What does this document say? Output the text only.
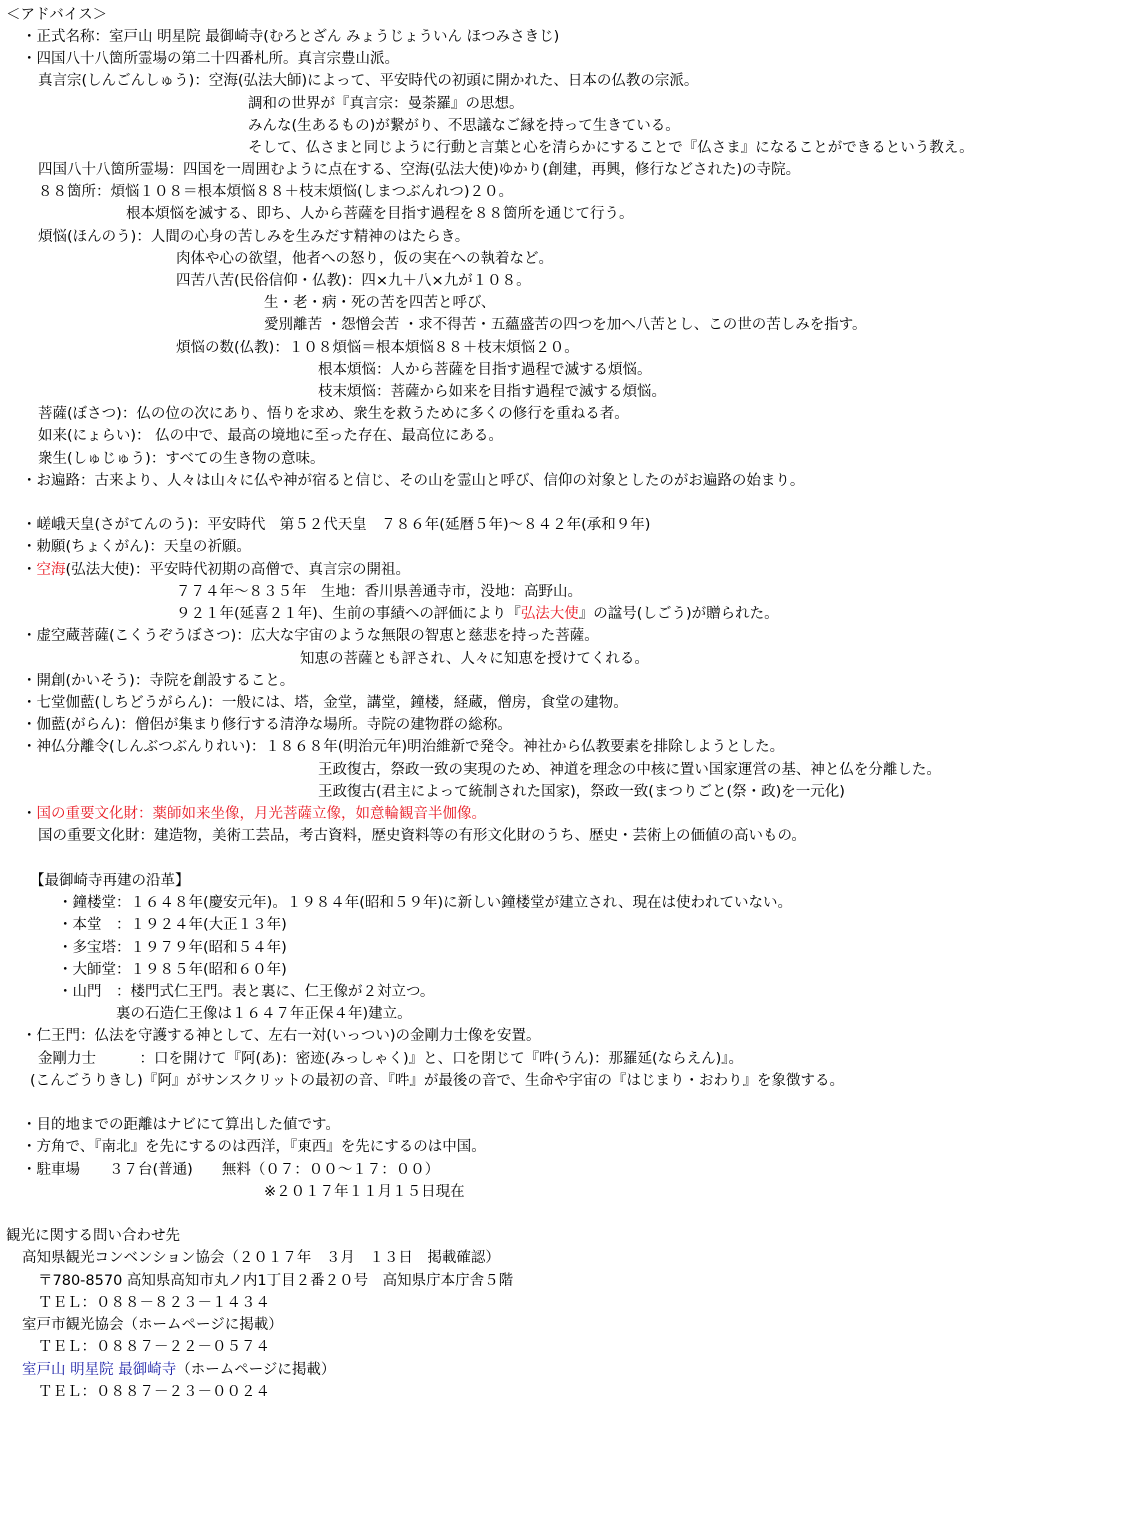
＜アドバイス＞
・正式名称：室戸山 明星院 最御崎寺(むろとざん みょうじょういん ほつみさきじ)
・四国八十八箇所霊場の第二十四番札所。真言宗豊山派。
真言宗(しんごんしゅう)：空海(弘法大師)によって、平安時代の初頭に開かれた、日本の仏教の宗派。
調和の世界が『真言宗：曼荼羅』の思想。
みんな(生あるもの)が繋がり、不思議なご縁を持って生きている。
そして、仏さまと同じように行動と言葉と心を清らかにすることで『仏さま』になることができるという教え。
四国八十八箇所霊場：四国を一周囲むように点在する、空海(弘法大使)ゆかり(創建，再興，修行などされた)の寺院。
８８箇所：煩悩１０８＝根本煩悩８８＋枝末煩悩(しまつぶんれつ)２０。
根本煩悩を滅する、即ち、人から菩薩を目指す過程を８８箇所を通じて行う。
煩悩(ほんのう)：人間の心身の苦しみを生みだす精神のはたらき。
肉体や心の欲望，他者への怒り，仮の実在への執着など。
四苦八苦(民俗信仰・仏教)：四×九＋八×九が１０８。
生・老・病・死の苦を四苦と呼び、
愛別離苦 ・怨憎会苦 ・求不得苦・五蘊盛苦の四つを加へ八苦とし、この世の苦しみを指す。
煩悩の数(仏教)：１０８煩悩＝根本煩悩８８＋枝末煩悩２０。
根本煩悩：人から菩薩を目指す過程で滅する煩悩。
枝末煩悩：菩薩から如来を目指す過程で滅する煩悩。
菩薩(ぼさつ)：仏の位の次にあり、悟りを求め、衆生を救うために多くの修行を重ねる者。
如来(にょらい)： 仏の中で、最高の境地に至った存在、最高位にある。
衆生(しゅじゅう)：すべての生き物の意味。
・お遍路：古来より、人々は山々に仏や神が宿ると信じ、その山を霊山と呼び、信仰の対象としたのがお遍路の始まり。
・嵯峨天皇(さがてんのう)：平安時代　第５２代天皇　７８６年(延暦５年)～８４２年(承和９年)
・勅願(ちょくがん)：天皇の祈願。
・空海(弘法大使)：平安時代初期の高僧で、真言宗の開祖。
７７４年～８３５年　生地：香川県善通寺市，没地：高野山。
９２１年(延喜２１年)、生前の事績への評価により『弘法大使』の諡号(しごう)が贈られた。
・虚空蔵菩薩(こくうぞうぼさつ)：広大な宇宙のような無限の智恵と慈悲を持った菩薩。
知恵の菩薩とも評され、人々に知恵を授けてくれる。
・開創(かいそう)：寺院を創設すること。
・七堂伽藍(しちどうがらん)：一般には、塔，金堂，講堂，鐘楼，経蔵，僧房，食堂の建物。
・伽藍(がらん)：僧侶が集まり修行する清浄な場所。寺院の建物群の総称。
・神仏分離令(しんぶつぶんりれい)：１８６８年(明治元年)明治維新で発令。神社から仏教要素を排除しようとした。
王政復古，祭政一致の実現のため、神道を理念の中核に置い国家運営の基、神と仏を分離した。
王政復古(君主によって統制された国家)，祭政一致(まつりごと(祭・政)を一元化)
・国の重要文化財：薬師如来坐像，月光菩薩立像，如意輪観音半伽像。
国の重要文化財：建造物，美術工芸品，考古資料，歴史資料等の有形文化財のうち、歴史・芸術上の価値の高いもの。
【最御崎寺再建の沿革】
・鐘楼堂：１６４８年(慶安元年)。１９８４年(昭和５９年)に新しい鐘楼堂が建立され、現在は使われていない。
・本堂　：１９２４年(大正１３年)
・多宝塔：１９７９年(昭和５４年)
・大師堂：１９８５年(昭和６０年)
・山門　：楼門式仁王門。表と裏に、仁王像が２対立つ。
裏の石造仁王像は１６４７年正保４年)建立。
・仁王門：仏法を守護する神として、左右一対(いっつい)の金剛力士像を安置。
金剛力士　　　：口を開けて『阿(あ)：密迹(みっしゃく)』と、口を閉じて『吽(うん)：那羅延(ならえん)』。
(こんごうりきし)『阿』がサンスクリットの最初の音、『吽』が最後の音で、生命や宇宙の『はじまり・おわり』を象徴する。
・目的地までの距離はナビにて算出した値です。
・方角で、『南北』を先にするのは西洋，『東西』を先にするのは中国。
・駐車場　　３７台(普通)　　無料（０７：００～１７：００）
※２０１７年１１月１５日現在
観光に関する問い合わせ先
高知県観光コンベンション協会（２０１７年　３月　１３日　掲載確認）
〒780-8570 高知県高知市丸ノ内1丁目２番２０号　高知県庁本庁舎５階
ＴＥＬ：０８８－８２３－１４３４
室戸市観光協会（ホームページに掲載）
ＴＥＬ：０８８７－２２－０５７４
室戸山 明星院 最御崎寺（ホームページに掲載）
ＴＥＬ：０８８７－２３－００２４
